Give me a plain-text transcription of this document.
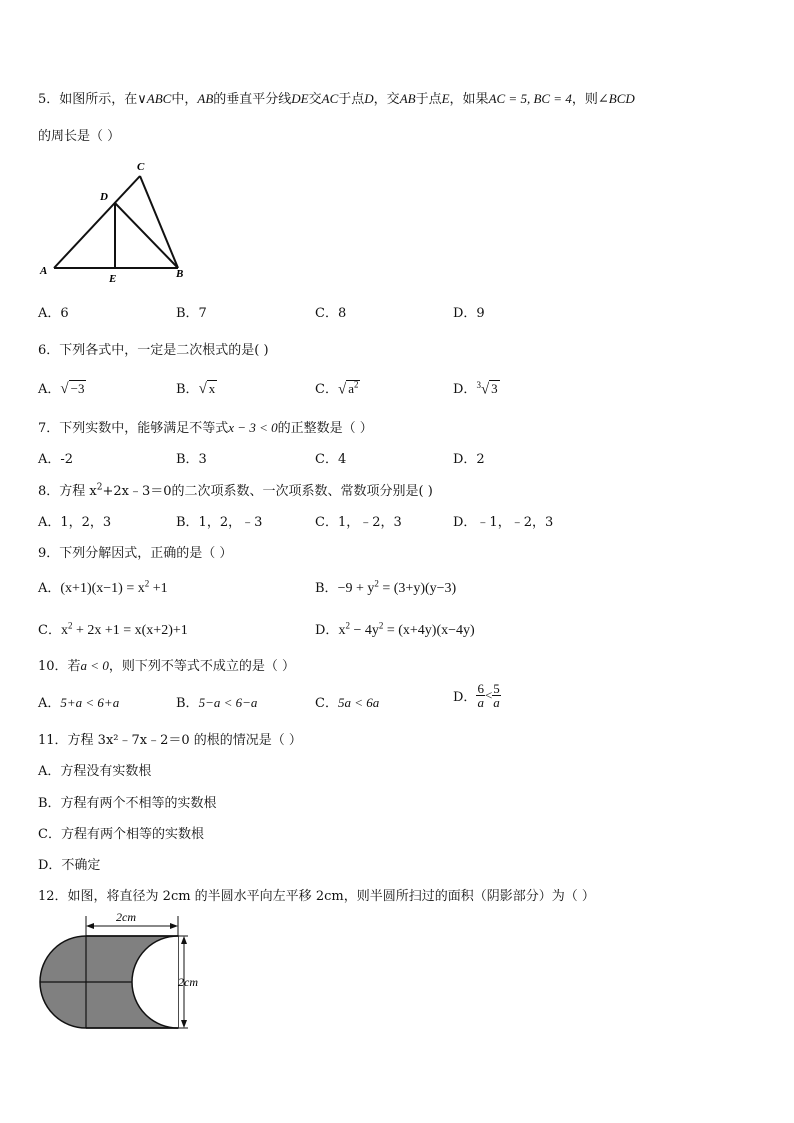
5．如图所示，在∨ABC中，AB的垂直平分线DE交AC于点D，交AB于点E，如果AC = 5, BC = 4，则∠BCD
的周长是（ ）
A	B
C
D
E
A．6	B．7	C．8	D．9
6．下列各式中，一定是二次根式的是( )
A．√ −3	B．√ x	C．√ $a^2$	D．$^3$√ 3
7．下列实数中，能够满足不等式x − 3 < 0的正整数是（ ）
A．-2	B．3	C．4	D．2
8．方程 $x^2+2x﹣3=0$的二次项系数、一次项系数、常数项分别是( )
A．1，2，3	B．1，2，﹣3	C．1，﹣2，3	D．﹣1，﹣2，3
9．下列分解因式，正确的是（ ）
A．$(x+1)(x-1) = x^2 +1$	B．$-9 + y^2 = (3+y)(y-3)$
C．$x^2 + 2x +1 = x(x+2)+1$	D．$x^2 - 4y^2 = (x+4y)(x-4y)$
10．若a < 0，则下列不等式不成立的是（ ）
A．5+a < 6+a	B．5−a < 6−a	C．5a < 6a	D． $\frac{6}{a} < \frac{5}{a}$
11．方程 3x²﹣7x﹣2＝0 的根的情况是（ ）
A．方程没有实数根
B．方程有两个不相等的实数根
C．方程有两个相等的实数根
D．不确定
12．如图，将直径为 2cm 的半圆水平向左平移 2cm，则半圆所扫过的面积（阴影部分）为（ ）
2cm
2cm
